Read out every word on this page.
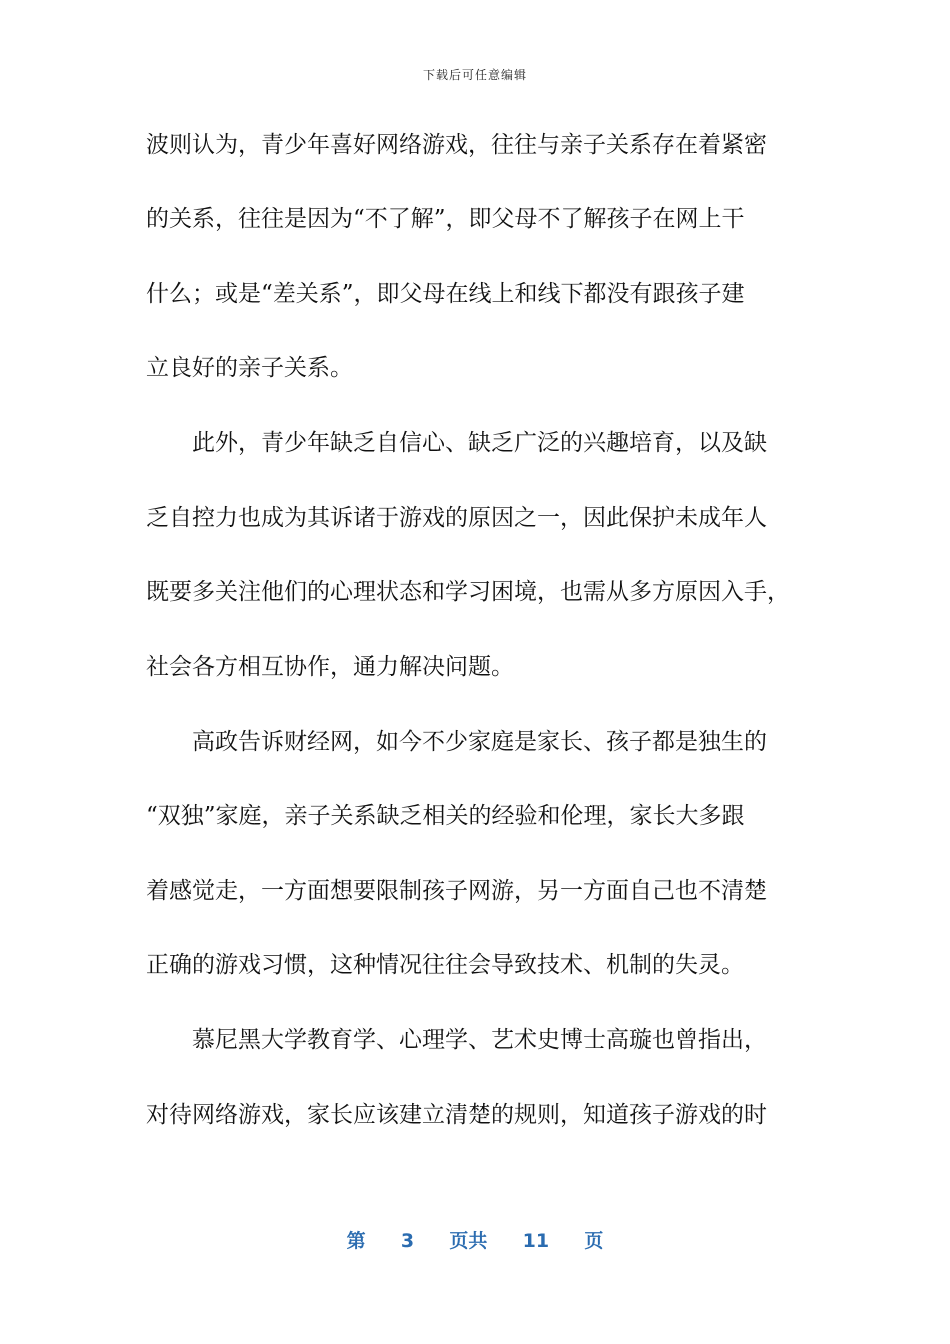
下载后可任意编辑
波则认为，青少年喜好网络游戏，往往与亲子关系存在着紧密
的关系，往往是因为“不了解”，即父母不了解孩子在网上干
什么；或是“差关系”，即父母在线上和线下都没有跟孩子建
立良好的亲子关系。
　　此外，青少年缺乏自信心、缺乏广泛的兴趣培育，以及缺
乏自控力也成为其诉诸于游戏的原因之一，因此保护未成年人
既要多关注他们的心理状态和学习困境，也需从多方原因入手，
社会各方相互协作，通力解决问题。
　　高政告诉财经网，如今不少家庭是家长、孩子都是独生的
“双独”家庭，亲子关系缺乏相关的经验和伦理，家长大多跟
着感觉走，一方面想要限制孩子网游，另一方面自己也不清楚
正确的游戏习惯，这种情况往往会导致技术、机制的失灵。
　　慕尼黑大学教育学、心理学、艺术史博士高璇也曾指出，
对待网络游戏，家长应该建立清楚的规则，知道孩子游戏的时
第 3 页共 11 页
